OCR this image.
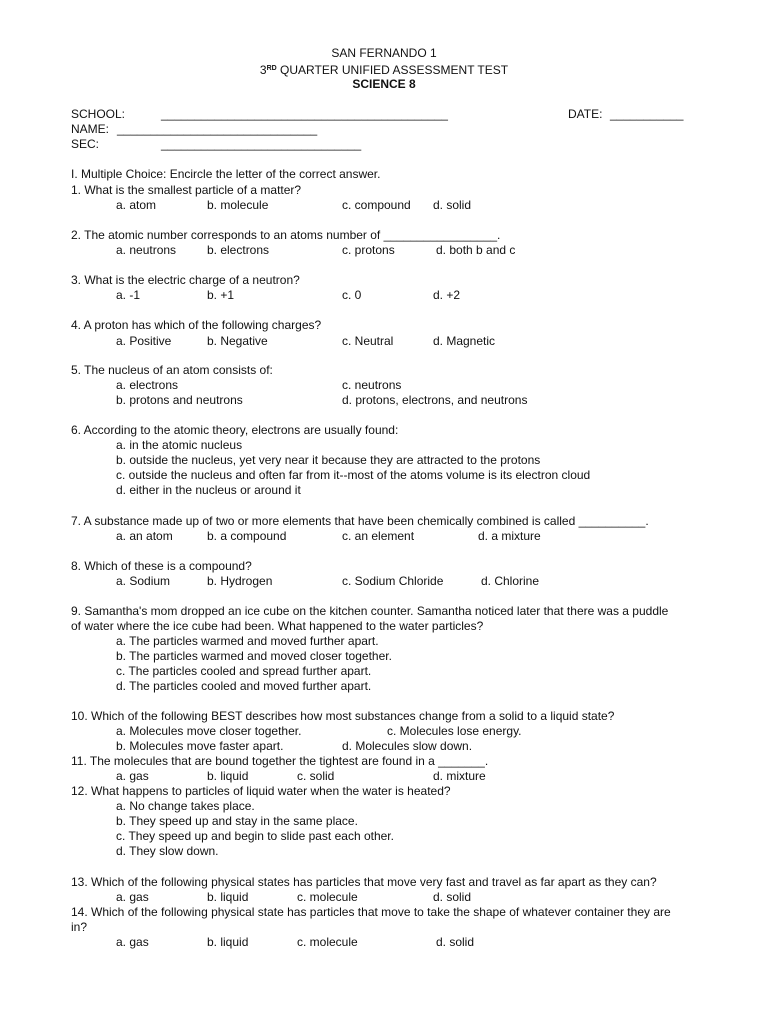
SAN FERNANDO 1
3RD QUARTER UNIFIED ASSESSMENT TEST
SCIENCE 8
SCHOOL:	___________________________________________	DATE: ___________
NAME: ______________________________
SEC:	______________________________
I. Multiple Choice: Encircle the letter of the correct answer.
1. What is the smallest particle of a matter?
a. atom	b. molecule	c. compound d. solid
2. The atomic number corresponds to an atoms number of _________________.
a. neutrons	b. electrons	c. protons	d. both b and c
3. What is the electric charge of a neutron?
a. -1	b. +1	c. 0	d. +2
4. A proton has which of the following charges?
a. Positive	b. Negative	c. Neutral	d. Magnetic
5. The nucleus of an atom consists of:
a. electrons	c. neutrons
b. protons and neutrons	d. protons, electrons, and neutrons
6. According to the atomic theory, electrons are usually found:
a. in the atomic nucleus
b. outside the nucleus, yet very near it because they are attracted to the protons
c. outside the nucleus and often far from it--most of the atoms volume is its electron cloud
d. either in the nucleus or around it
7. A substance made up of two or more elements that have been chemically combined is called __________.
a. an atom	b. a compound	c. an element	d. a mixture
8. Which of these is a compound?
a. Sodium	b. Hydrogen	c. Sodium Chloride	d. Chlorine
9. Samantha's mom dropped an ice cube on the kitchen counter. Samantha noticed later that there was a puddle
of water where the ice cube had been. What happened to the water particles?
a. The particles warmed and moved further apart.
b. The particles warmed and moved closer together.
c. The particles cooled and spread further apart.
d. The particles cooled and moved further apart.
10. Which of the following BEST describes how most substances change from a solid to a liquid state?
a. Molecules move closer together.	c. Molecules lose energy.
b. Molecules move faster apart.	d. Molecules slow down.
11. The molecules that are bound together the tightest are found in a _______.
a. gas	b. liquid	c. solid	d. mixture
12. What happens to particles of liquid water when the water is heated?
a. No change takes place.
b. They speed up and stay in the same place.
c. They speed up and begin to slide past each other.
d. They slow down.
13. Which of the following physical states has particles that move very fast and travel as far apart as they can?
a. gas	b. liquid	c. molecule	d. solid
14. Which of the following physical state has particles that move to take the shape of whatever container they are
in?
a. gas	b. liquid	c. molecule	d. solid
